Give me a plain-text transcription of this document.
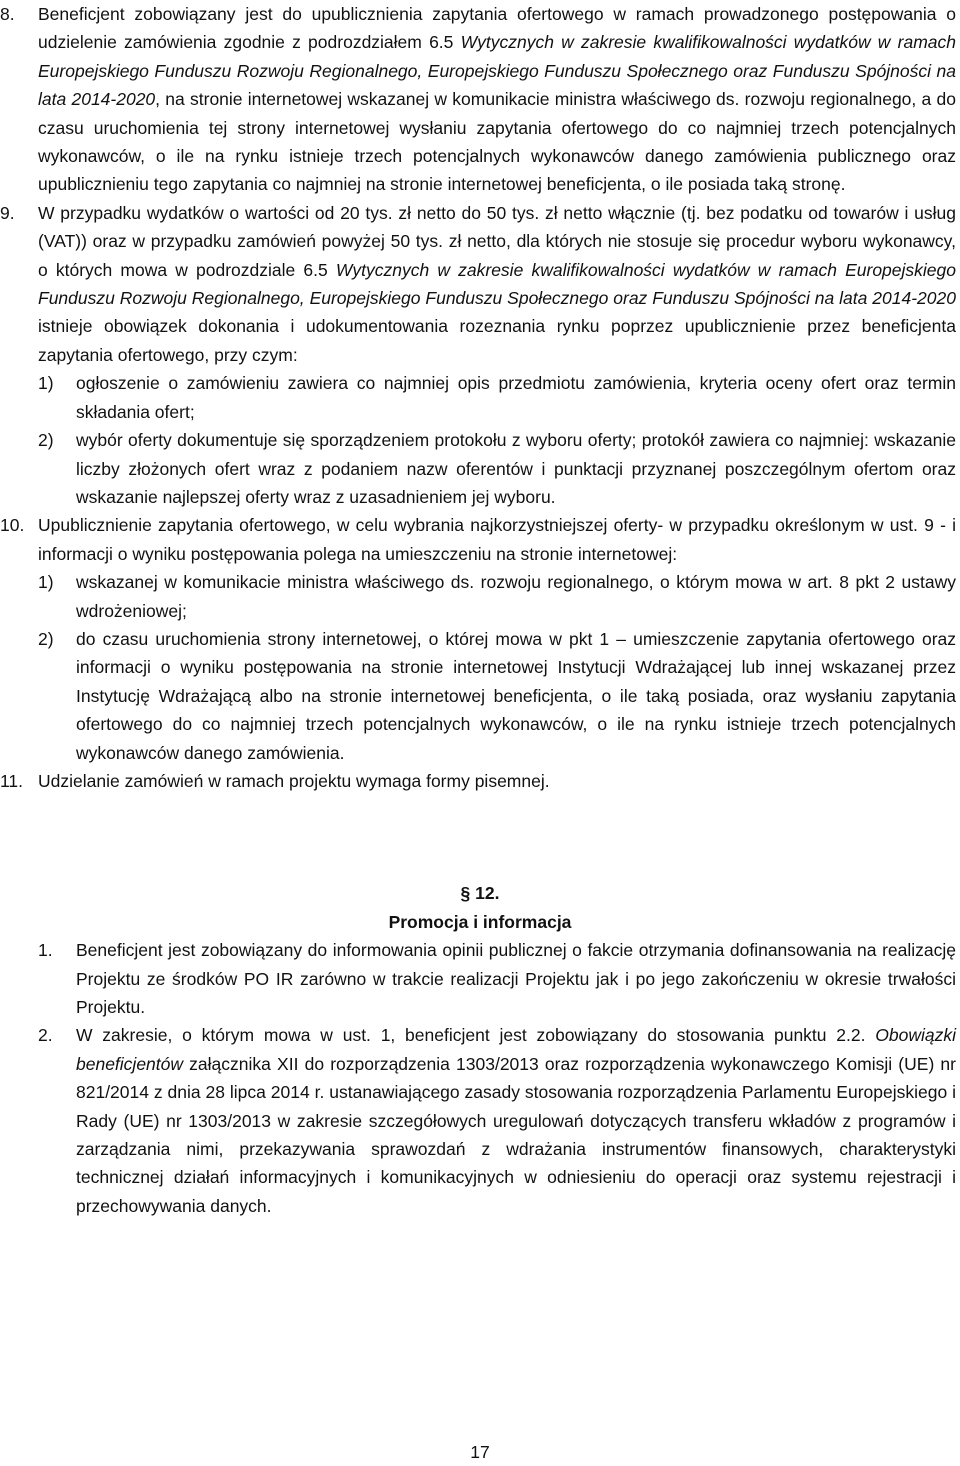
8. Beneficjent zobowiązany jest do upublicznienia zapytania ofertowego w ramach prowadzonego postępowania o udzielenie zamówienia zgodnie z podrozdziałem 6.5 Wytycznych w zakresie kwalifikowalności wydatków w ramach Europejskiego Funduszu Rozwoju Regionalnego, Europejskiego Funduszu Społecznego oraz Funduszu Spójności na lata 2014-2020, na stronie internetowej wskazanej w komunikacie ministra właściwego ds. rozwoju regionalnego, a do czasu uruchomienia tej strony internetowej wysłaniu zapytania ofertowego do co najmniej trzech potencjalnych wykonawców, o ile na rynku istnieje trzech potencjalnych wykonawców danego zamówienia publicznego oraz upublicznieniu tego zapytania co najmniej na stronie internetowej beneficjenta, o ile posiada taką stronę.

9. W przypadku wydatków o wartości od 20 tys. zł netto do 50 tys. zł netto włącznie (tj. bez podatku od towarów i usług (VAT)) oraz w przypadku zamówień powyżej 50 tys. zł netto, dla których nie stosuje się procedur wyboru wykonawcy, o których mowa w podrozdziale 6.5 Wytycznych w zakresie kwalifikowalności wydatków w ramach Europejskiego Funduszu Rozwoju Regionalnego, Europejskiego Funduszu Społecznego oraz Funduszu Spójności na lata 2014-2020 istnieje obowiązek dokonania i udokumentowania rozeznania rynku poprzez upublicznienie przez beneficjenta zapytania ofertowego, przy czym:

1) ogłoszenie o zamówieniu zawiera co najmniej opis przedmiotu zamówienia, kryteria oceny ofert oraz termin składania ofert;

2) wybór oferty dokumentuje się sporządzeniem protokołu z wyboru oferty; protokół zawiera co najmniej: wskazanie liczby złożonych ofert wraz z podaniem nazw oferentów i punktacji przyznanej poszczególnym ofertom oraz wskazanie najlepszej oferty wraz z uzasadnieniem jej wyboru.

10. Upublicznienie zapytania ofertowego, w celu wybrania najkorzystniejszej oferty- w przypadku określonym w ust. 9 - i informacji o wyniku postępowania polega na umieszczeniu na stronie internetowej:

1) wskazanej w komunikacie ministra właściwego ds. rozwoju regionalnego, o którym mowa w art. 8 pkt 2 ustawy wdrożeniowej;

2) do czasu uruchomienia strony internetowej, o której mowa w pkt 1 – umieszczenie zapytania ofertowego oraz informacji o wyniku postępowania na stronie internetowej Instytucji Wdrażającej lub innej wskazanej przez Instytucję Wdrażającą albo na stronie internetowej beneficjenta, o ile taką posiada, oraz wysłaniu zapytania ofertowego do co najmniej trzech potencjalnych wykonawców, o ile na rynku istnieje trzech potencjalnych wykonawców danego zamówienia.

11. Udzielanie zamówień w ramach projektu wymaga formy pisemnej.

§ 12.

Promocja i informacja

1. Beneficjent jest zobowiązany do informowania opinii publicznej o fakcie otrzymania dofinansowania na realizację Projektu ze środków PO IR zarówno w trakcie realizacji Projektu jak i po jego zakończeniu w okresie trwałości Projektu.

2. W zakresie, o którym mowa w ust. 1, beneficjent jest zobowiązany do stosowania punktu 2.2. Obowiązki beneficjentów załącznika XII do rozporządzenia 1303/2013 oraz rozporządzenia wykonawczego Komisji (UE) nr 821/2014 z dnia 28 lipca 2014 r. ustanawiającego zasady stosowania rozporządzenia Parlamentu Europejskiego i Rady (UE) nr 1303/2013 w zakresie szczegółowych uregulowań dotyczących transferu wkładów z programów i zarządzania nimi, przekazywania sprawozdań z wdrażania instrumentów finansowych, charakterystyki technicznej działań informacyjnych i komunikacyjnych w odniesieniu do operacji oraz systemu rejestracji i przechowywania danych.

17
